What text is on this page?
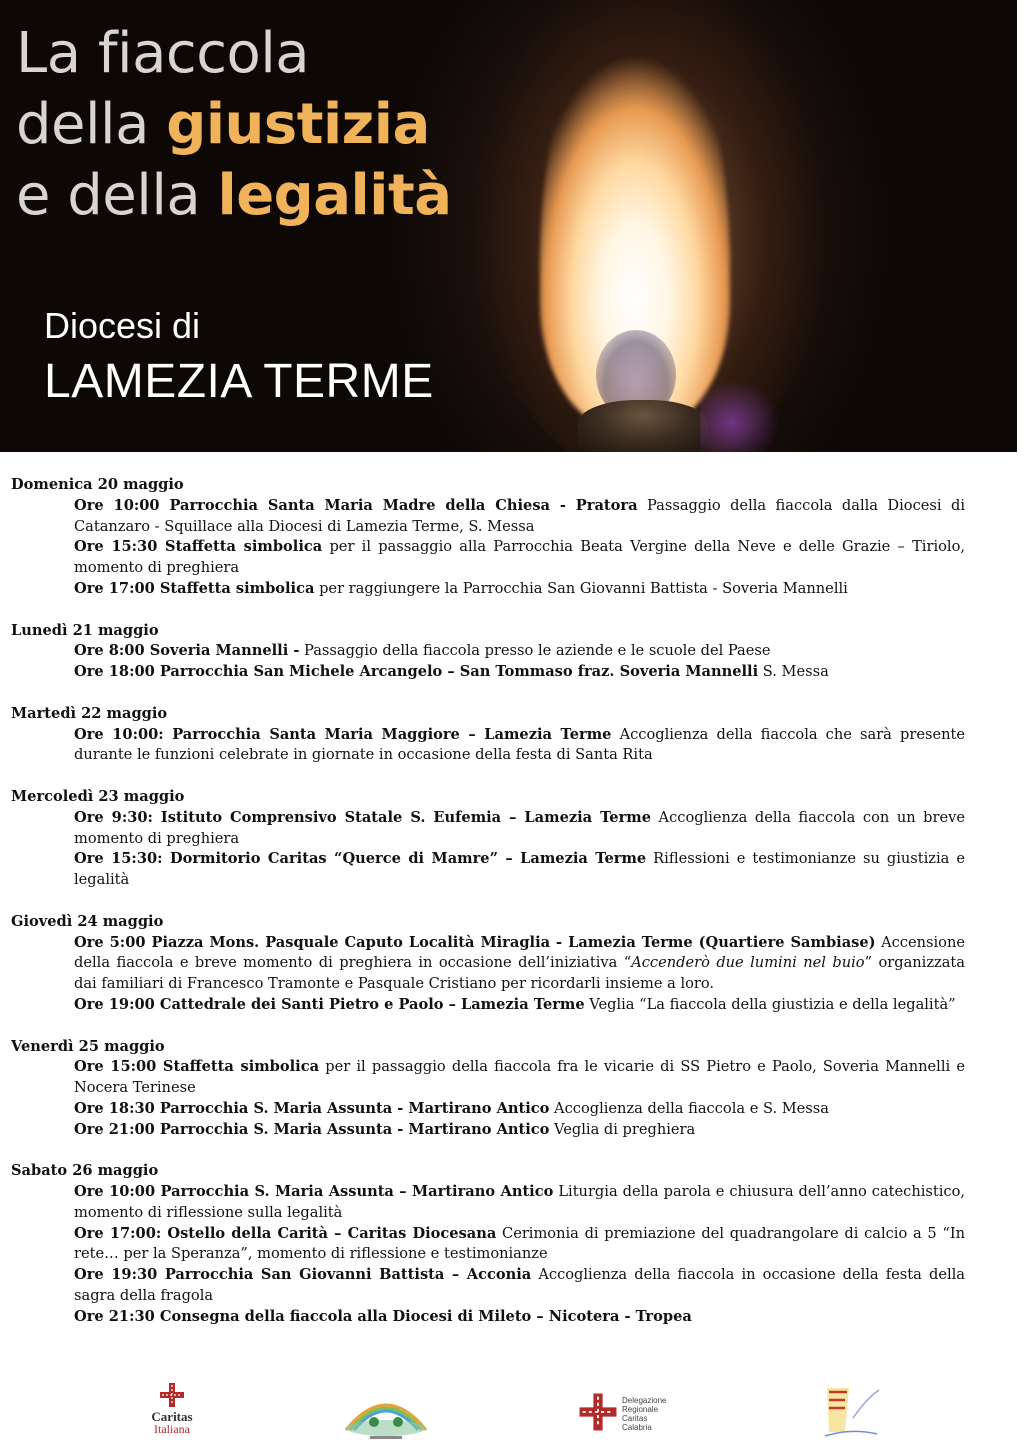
La fiaccola
della giustizia
e della legalità
Diocesi di
LAMEZIA TERME
Domenica 20 maggio
Ore 10:00 Parrocchia Santa Maria Madre della Chiesa - Pratora Passaggio della fiaccola dalla Diocesi di Catanzaro - Squillace alla Diocesi di Lamezia Terme, S. Messa
Ore 15:30 Staffetta simbolica per il passaggio alla Parrocchia Beata Vergine della Neve e delle Grazie – Tiriolo, momento di preghiera
Ore 17:00 Staffetta simbolica per raggiungere la Parrocchia San Giovanni Battista - Soveria Mannelli
Lunedì 21 maggio
Ore 8:00 Soveria Mannelli - Passaggio della fiaccola presso le aziende e le scuole del Paese
Ore 18:00 Parrocchia San Michele Arcangelo – San Tommaso fraz. Soveria Mannelli S. Messa
Martedì 22 maggio
Ore 10:00: Parrocchia Santa Maria Maggiore – Lamezia Terme Accoglienza della fiaccola che sarà presente durante le funzioni celebrate in giornate in occasione della festa di Santa Rita
Mercoledì 23 maggio
Ore 9:30: Istituto Comprensivo Statale S. Eufemia – Lamezia Terme Accoglienza della fiaccola con un breve momento di preghiera
Ore 15:30: Dormitorio Caritas “Querce di Mamre” – Lamezia Terme Riflessioni e testimonianze su giustizia e legalità
Giovedì 24 maggio
Ore 5:00 Piazza Mons. Pasquale Caputo Località Miraglia - Lamezia Terme (Quartiere Sambiase) Accensione della fiaccola e breve momento di preghiera in occasione dell’iniziativa “Accenderò due lumini nel buio” organizzata dai familiari di Francesco Tramonte e Pasquale Cristiano per ricordarli insieme a loro.
Ore 19:00 Cattedrale dei Santi Pietro e Paolo – Lamezia Terme Veglia “La fiaccola della giustizia e della legalità”
Venerdì 25 maggio
Ore 15:00 Staffetta simbolica per il passaggio della fiaccola fra le vicarie di SS Pietro e Paolo, Soveria Mannelli e Nocera Terinese
Ore 18:30 Parrocchia S. Maria Assunta - Martirano Antico Accoglienza della fiaccola e S. Messa
Ore 21:00 Parrocchia S. Maria Assunta - Martirano Antico Veglia di preghiera
Sabato 26 maggio
Ore 10:00 Parrocchia S. Maria Assunta – Martirano Antico Liturgia della parola e chiusura dell’anno catechistico, momento di riflessione sulla legalità
Ore 17:00: Ostello della Carità – Caritas Diocesana Cerimonia di premiazione del quadrangolare di calcio a 5 “In rete… per la Speranza”, momento di riflessione e testimonianze
Ore 19:30 Parrocchia San Giovanni Battista – Acconia Accoglienza della fiaccola in occasione della festa della sagra della fragola
Ore 21:30 Consegna della fiaccola alla Diocesi di Mileto – Nicotera - Tropea
Caritas
Italiana
Delegazione Regionale Caritas Calabria
